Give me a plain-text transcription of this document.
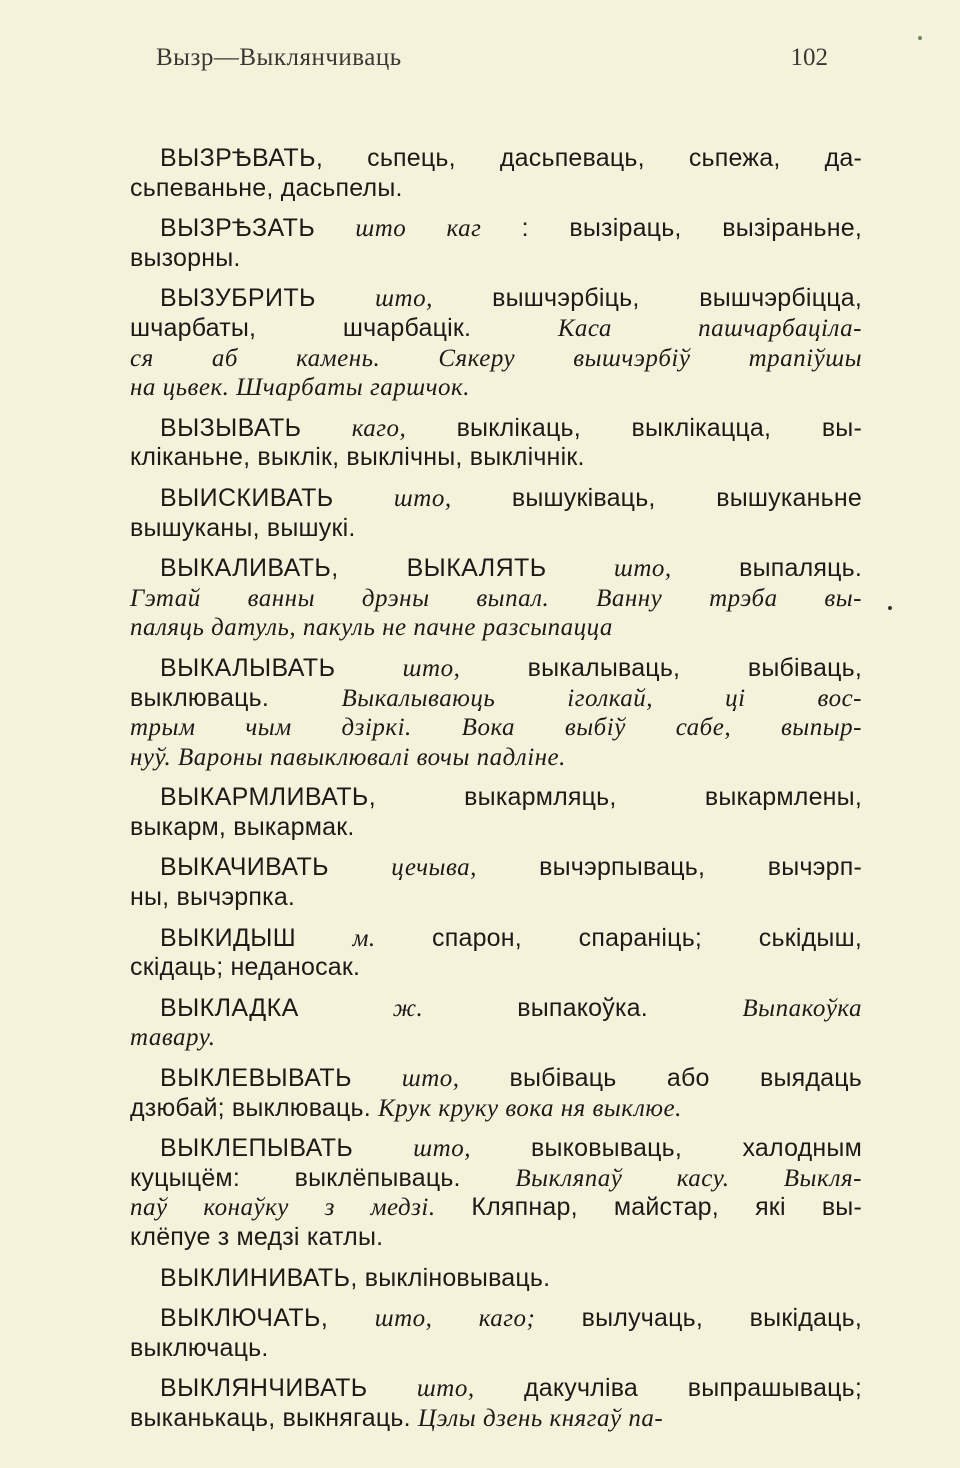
Вызр—Выклянчиваць	102
ВЫЗРѢВАТЬ, сьпець, дасьпеваць, сьпежа, да-
сьпеваньне, дасьпелы.
ВЫЗРѢЗАТЬ што каг : вызіраць, вызіраньне,
вызорны.
ВЫЗУБРИТЬ што, вышчэрбіць, вышчэрбіцца,
шчарбаты, шчарбацік. Каса пашчарбацiла-
ся аб камень. Сякеру вышчэрбіў трапіўшы
на цьвек. Шчарбаты гаршчок.
ВЫЗЫВАТЬ каго, выклікаць, выклікацца, вы-
кліканьне, выклік, выклічны, выклічнік.
ВЫИСКИВАТЬ што, вышуківаць, вышуканьне
вышуканы, вышукі.
ВЫКАЛИВАТЬ, ВЫКАЛЯТЬ што, выпаляць.
Гэтай ванны дрэны выпал. Ванну трэба вы-
паляць датуль, пакуль не пачне разсыпацца
ВЫКАЛЫВАТЬ што, выкалываць, выбіваць,
выклюваць. Выкалываюць іголкай, ці вос-
трым чым дзіркі. Вока выбіў сабе, выпыр-
нуў. Вароны павыклювалі вочы падліне.
ВЫКАРМЛИВАТЬ, выкармляць, выкармлены,
выкарм, выкармак.
ВЫКАЧИВАТЬ цечыва, вычэрпываць, вычэрп-
ны, вычэрпка.
ВЫКИДЫШ м. спарон, спараніць; ськідыш,
скідаць; неданосак.
ВЫКЛАДКА ж. выпакоўка. Выпакоўка
тавару.
ВЫКЛЕВЫВАТЬ што, выбіваць або выядаць
дзюбай; выклюваць. Крук круку вока ня выклюе.
ВЫКЛЕПЫВАТЬ што, выковываць, халодным
куцыцём: выклёпываць. Выкляпаў касу. Выкля-
паў конаўку з медзі. Кляпнар, майстар, які вы-
клёпуе з медзі катлы.
ВЫКЛИНИВАТЬ, выкліновываць.
ВЫКЛЮЧАТЬ, што, каго; вылучаць, выкідаць,
выключаць.
ВЫКЛЯНЧИВАТЬ што, дакучліва выпрашываць;
выканькаць, выкнягаць. Цэлы дзень княгаў па-
